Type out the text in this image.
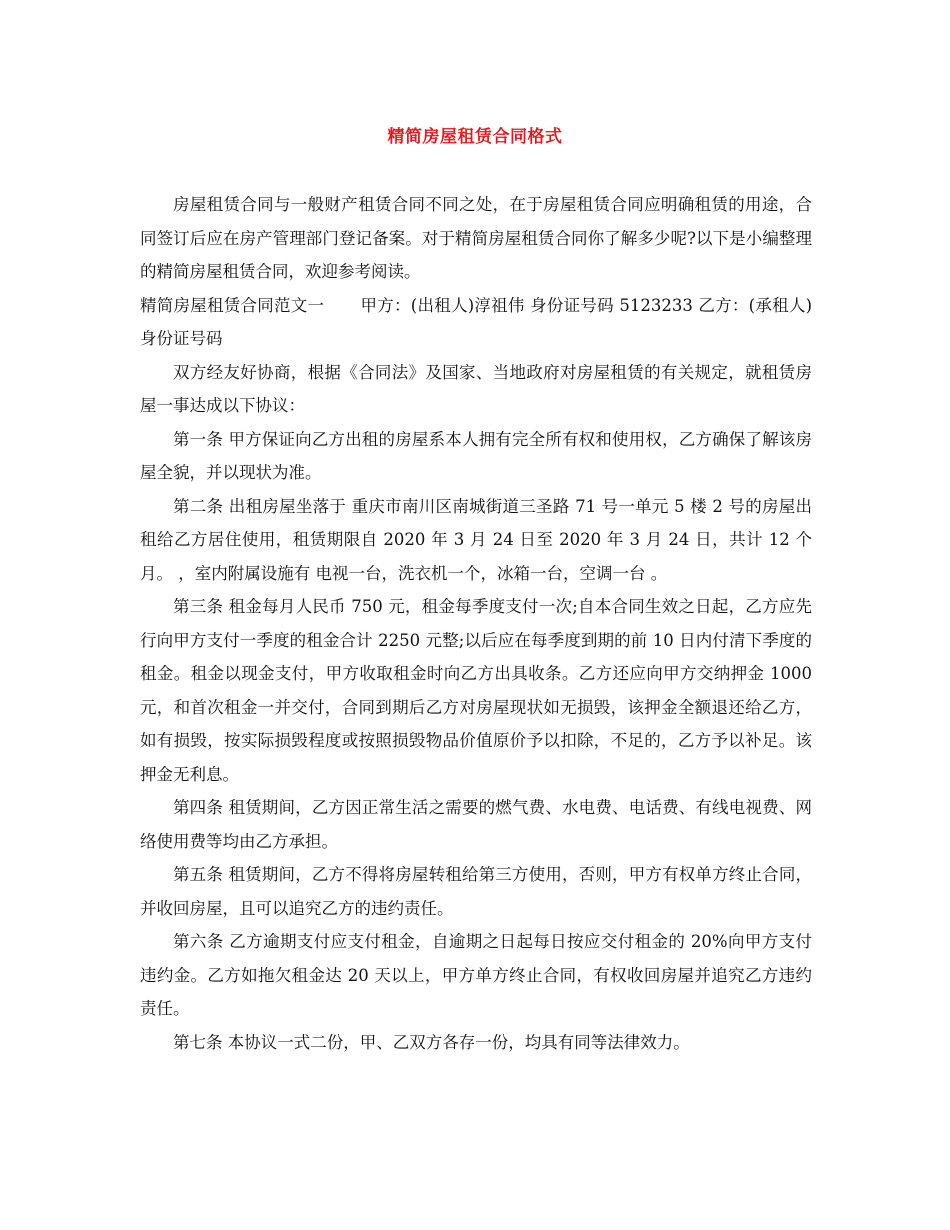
精简房屋租赁合同格式

房屋租赁合同与一般财产租赁合同不同之处，在于房屋租赁合同应明确租赁的用途，合同签订后应在房产管理部门登记备案。对于精简房屋租赁合同你了解多少呢?以下是小编整理的精简房屋租赁合同，欢迎参考阅读。

精简房屋租赁合同范文一 甲方：(出租人)淳祖伟 身份证号码 5123233 乙方：(承租人) 身份证号码

双方经友好协商，根据《合同法》及国家、当地政府对房屋租赁的有关规定，就租赁房屋一事达成以下协议：

第一条 甲方保证向乙方出租的房屋系本人拥有完全所有权和使用权，乙方确保了解该房屋全貌，并以现状为准。

第二条 出租房屋坐落于 重庆市南川区南城街道三圣路 71 号一单元 5 楼 2 号的房屋出租给乙方居住使用，租赁期限自 2020 年 3 月 24 日至 2020 年 3 月 24 日，共计 12 个月。 ，室内附属设施有 电视一台，洗衣机一个，冰箱一台，空调一台 。

第三条 租金每月人民币 750 元，租金每季度支付一次;自本合同生效之日起，乙方应先行向甲方支付一季度的租金合计 2250 元整;以后应在每季度到期的前 10 日内付清下季度的租金。租金以现金支付，甲方收取租金时向乙方出具收条。乙方还应向甲方交纳押金 1000 元，和首次租金一并交付，合同到期后乙方对房屋现状如无损毁，该押金全额退还给乙方，如有损毁，按实际损毁程度或按照损毁物品价值原价予以扣除，不足的，乙方予以补足。该押金无利息。

第四条 租赁期间，乙方因正常生活之需要的燃气费、水电费、电话费、有线电视费、网络使用费等均由乙方承担。

第五条 租赁期间，乙方不得将房屋转租给第三方使用，否则，甲方有权单方终止合同，并收回房屋，且可以追究乙方的违约责任。

第六条 乙方逾期支付应支付租金，自逾期之日起每日按应交付租金的 20%向甲方支付违约金。乙方如拖欠租金达 20 天以上，甲方单方终止合同，有权收回房屋并追究乙方违约责任。

第七条 本协议一式二份，甲、乙双方各存一份，均具有同等法律效力。
